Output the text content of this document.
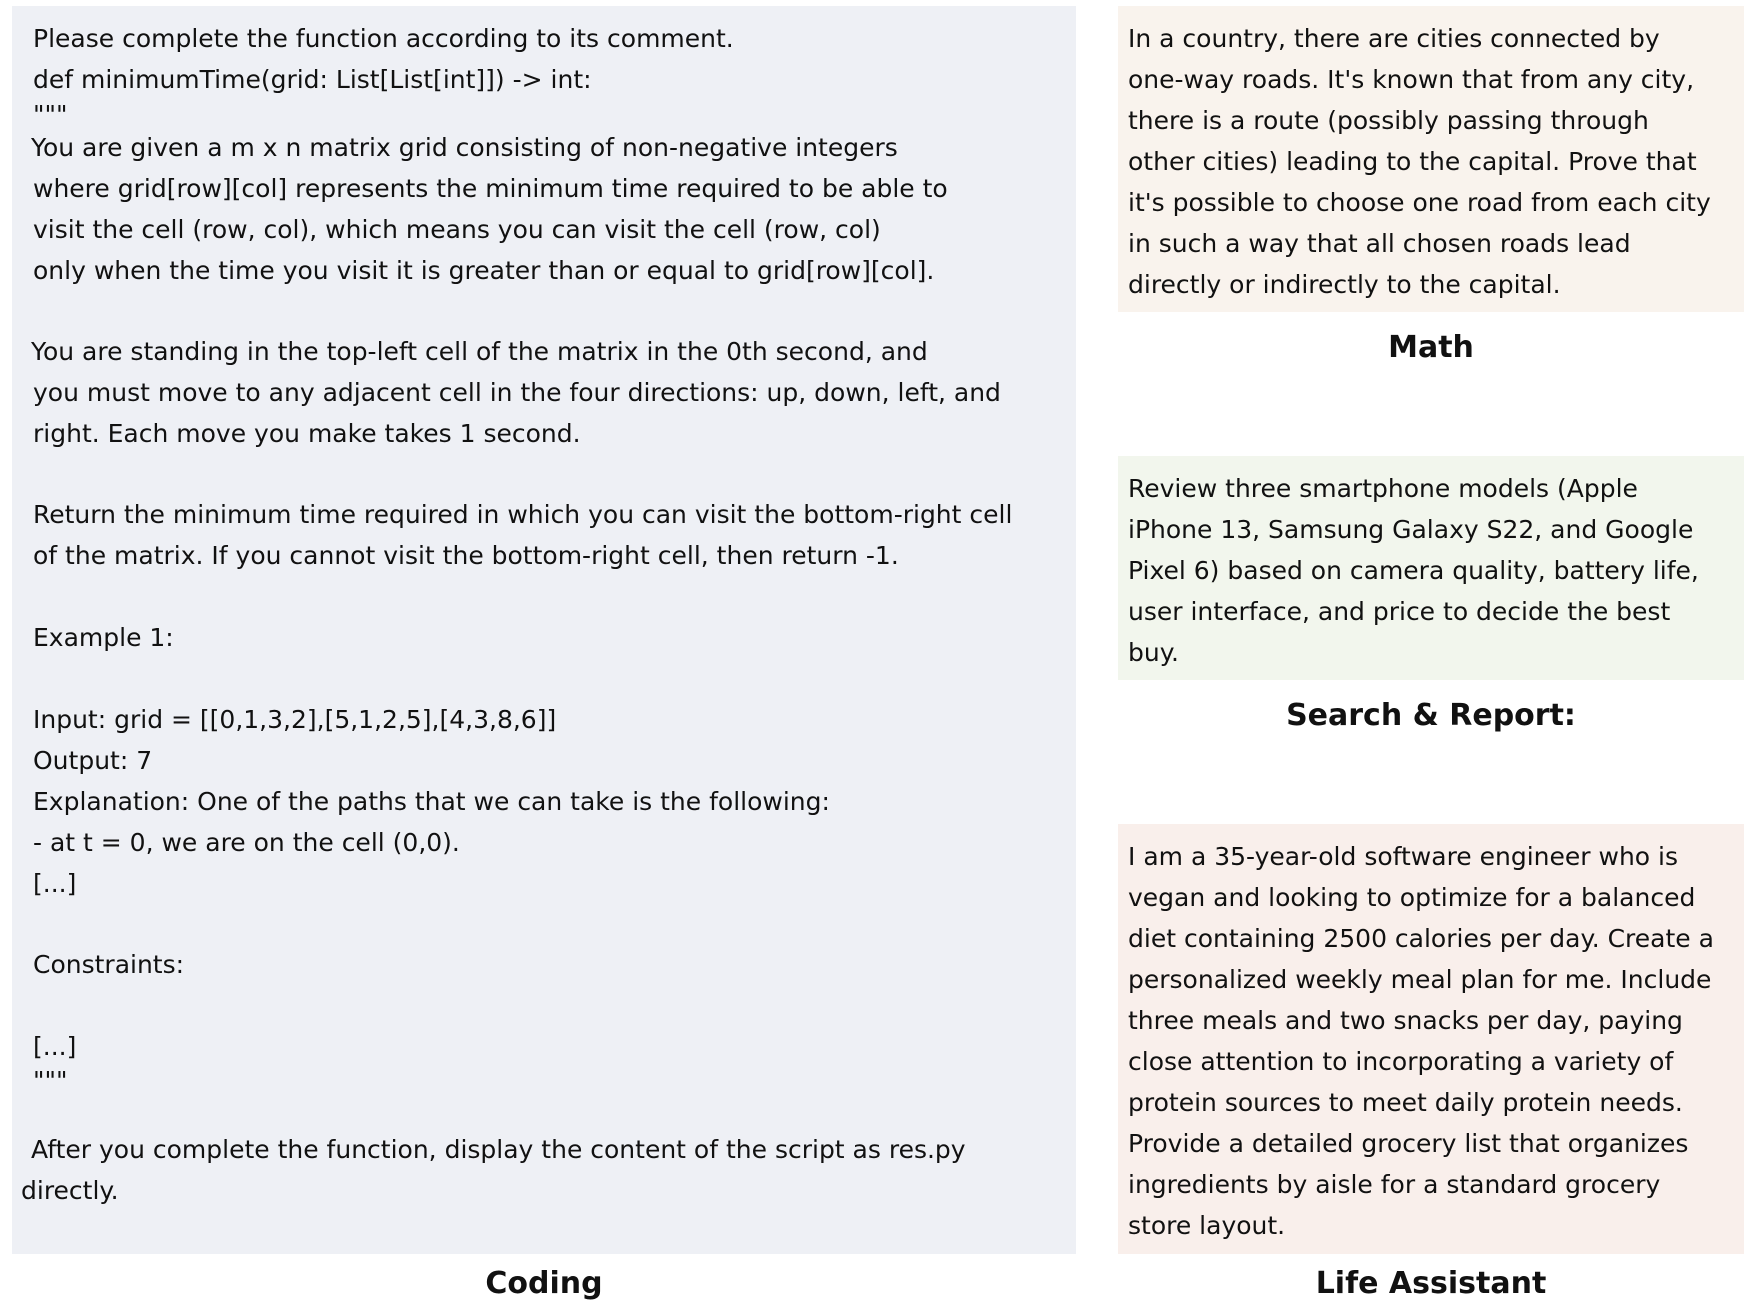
Please complete the function according to its comment.
def minimumTime(grid: List[List[int]]) -> int:
"""
You are given a m x n matrix grid consisting of non-negative integers
where grid[row][col] represents the minimum time required to be able to
visit the cell (row, col), which means you can visit the cell (row, col)
only when the time you visit it is greater than or equal to grid[row][col].
You are standing in the top-left cell of the matrix in the 0th second, and
you must move to any adjacent cell in the four directions: up, down, left, and
right. Each move you make takes 1 second.
Return the minimum time required in which you can visit the bottom-right cell
of the matrix. If you cannot visit the bottom-right cell, then return -1.
Example 1:
Input: grid = [[0,1,3,2],[5,1,2,5],[4,3,8,6]]
Output: 7
Explanation: One of the paths that we can take is the following:
- at t = 0, we are on the cell (0,0).
[...]
Constraints:
[...]
"""
After you complete the function, display the content of the script as res.py
directly.
Coding
In a country, there are cities connected by
one-way roads. It's known that from any city,
there is a route (possibly passing through
other cities) leading to the capital. Prove that
it's possible to choose one road from each city
in such a way that all chosen roads lead
directly or indirectly to the capital.
Math
Review three smartphone models (Apple
iPhone 13, Samsung Galaxy S22, and Google
Pixel 6) based on camera quality, battery life,
user interface, and price to decide the best
buy.
Search & Report:
I am a 35-year-old software engineer who is
vegan and looking to optimize for a balanced
diet containing 2500 calories per day. Create a
personalized weekly meal plan for me. Include
three meals and two snacks per day, paying
close attention to incorporating a variety of
protein sources to meet daily protein needs.
Provide a detailed grocery list that organizes
ingredients by aisle for a standard grocery
store layout.
Life Assistant
